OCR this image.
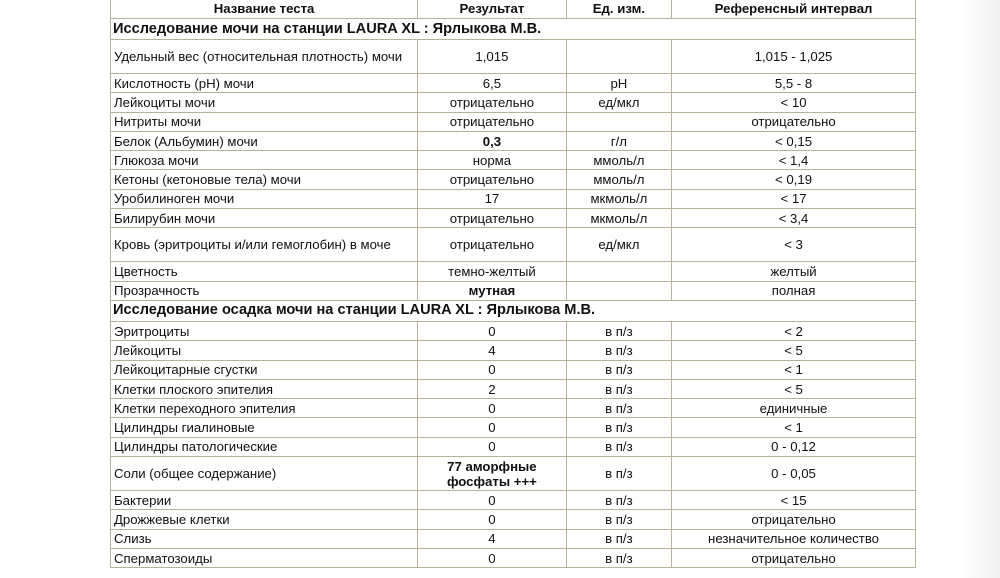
Название теста	Результат	Ед. изм.	Референсный интервал
Исследование мочи на станции LAURA XL : Ярлыкова М.В.			
Удельный вес (относительная плотность) мочи	1,015		1,015 - 1,025
Кислотность (pH) мочи	6,5	pH	5,5 - 8
Лейкоциты мочи	отрицательно	ед/мкл	< 10
Нитриты мочи	отрицательно		отрицательно
Белок (Альбумин) мочи	0,3	г/л	< 0,15
Глюкоза мочи	норма	ммоль/л	< 1,4
Кетоны (кетоновые тела) мочи	отрицательно	ммоль/л	< 0,19
Уробилиноген мочи	17	мкмоль/л	< 17
Билирубин мочи	отрицательно	мкмоль/л	< 3,4
Кровь (эритроциты и/или гемоглобин) в моче	отрицательно	ед/мкл	< 3
Цветность	темно-желтый		желтый
Прозрачность	мутная		полная
Исследование осадка мочи на станции LAURA XL : Ярлыкова М.В.			
Эритроциты	0	в п/з	< 2
Лейкоциты	4	в п/з	< 5
Лейкоцитарные сгустки	0	в п/з	< 1
Клетки плоского эпителия	2	в п/з	< 5
Клетки переходного эпителия	0	в п/з	единичные
Цилиндры гиалиновые	0	в п/з	< 1
Цилиндры патологические	0	в п/з	0 - 0,12
Соли (общее содержание)	77 аморфные фосфаты +++	в п/з	0 - 0,05
Бактерии	0	в п/з	< 15
Дрожжевые клетки	0	в п/з	отрицательно
Слизь	4	в п/з	незначительное количество
Сперматозоиды	0	в п/з	отрицательно
